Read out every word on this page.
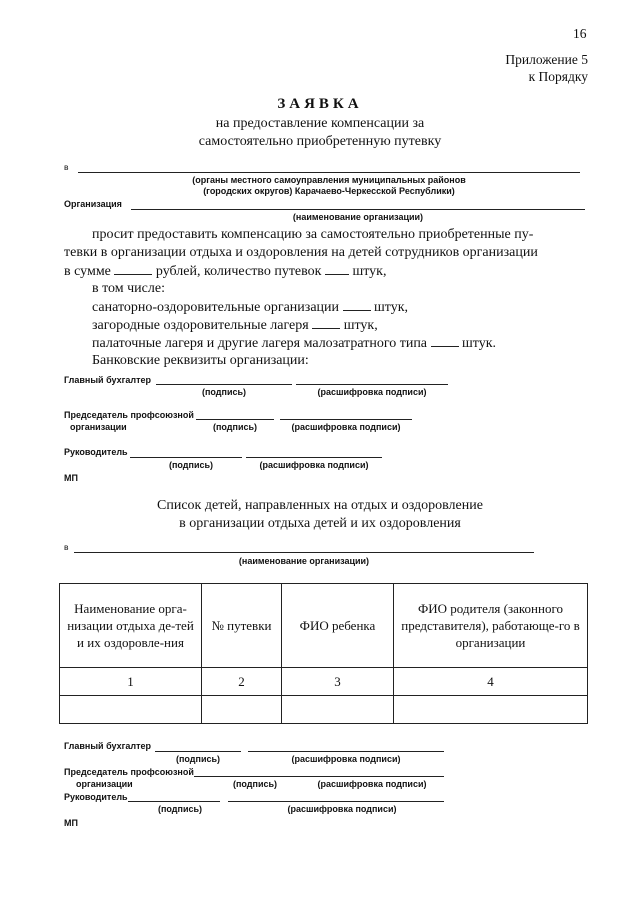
16
Приложение 5
к Порядку
ЗАЯВКА
на предоставление компенсации за
самостоятельно приобретенную путевку
в
(органы местного самоуправления муниципальных районов
(городских округов) Карачаево-Черкесской Республики)
Организация
(наименование организации)
просит предоставить компенсацию за самостоятельно приобретенные пу-
тевки в организации отдыха и оздоровления на детей сотрудников организации
в сумме	рублей, количество путевок штук,
в том числе:
санаторно-оздоровительные организации	штук,
загородные оздоровительные лагеря	штук,
палаточные лагеря и другие лагеря малозатратного типа	штук.
Банковские реквизиты организации:
Главный бухгалтер
(подпись)	(расшифровка подписи)
Председатель профсоюзной
организации	(подпись)	(расшифровка подписи)
Руководитель
(подпись)	(расшифровка подписи)
МП
Список детей, направленных на отдых и оздоровление
в организации отдыха детей и их оздоровления
в
(наименование организации)
Наименование орга-низации отдыха де-тей и их оздоровле-ния	№ путевки	ФИО ребенка	ФИО родителя (законного представителя), работающе-го в организации
1	2	3	4

Главный бухгалтер
(подпись)	(расшифровка подписи)
Председатель профсоюзной
организации	(подпись)	(расшифровка подписи)
Руководитель
(подпись)	(расшифровка подписи)
МП
